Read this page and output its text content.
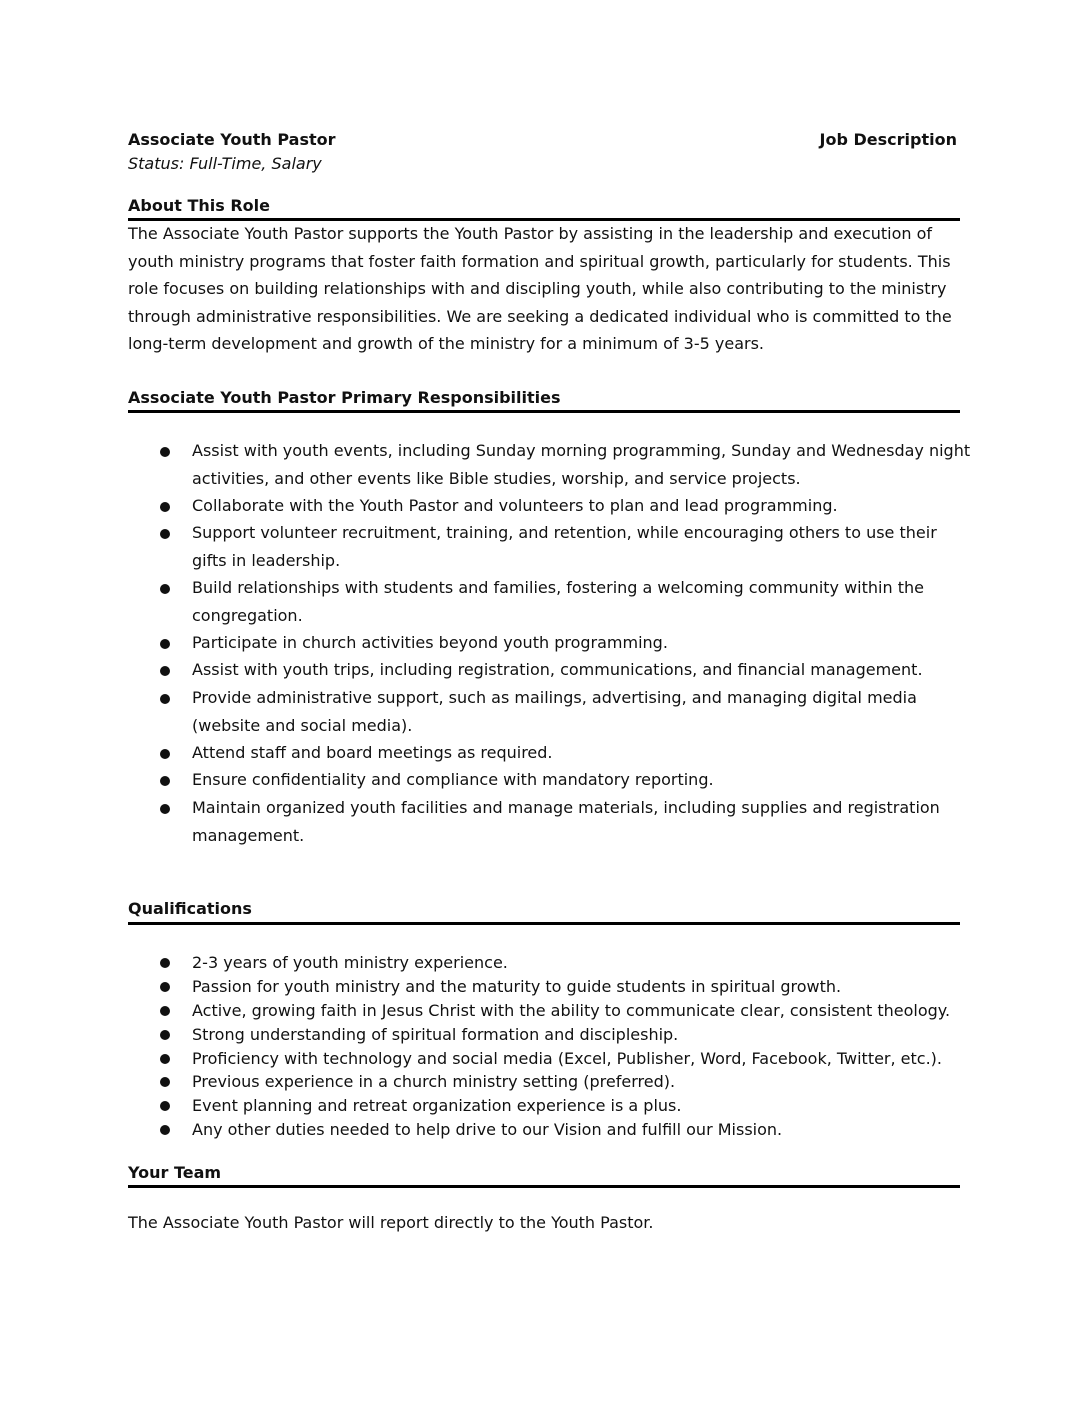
Associate Youth Pastor	Job Description
Status: Full-Time, Salary
About This Role
The Associate Youth Pastor supports the Youth Pastor by assisting in the leadership and execution of
youth ministry programs that foster faith formation and spiritual growth, particularly for students. This
role focuses on building relationships with and discipling youth, while also contributing to the ministry
through administrative responsibilities. We are seeking a dedicated individual who is committed to the
long-term development and growth of the ministry for a minimum of 3-5 years.
Associate Youth Pastor Primary Responsibilities
Assist with youth events, including Sunday morning programming, Sunday and Wednesday night
activities, and other events like Bible studies, worship, and service projects.
Collaborate with the Youth Pastor and volunteers to plan and lead programming.
Support volunteer recruitment, training, and retention, while encouraging others to use their
gifts in leadership.
Build relationships with students and families, fostering a welcoming community within the
congregation.
Participate in church activities beyond youth programming.
Assist with youth trips, including registration, communications, and financial management.
Provide administrative support, such as mailings, advertising, and managing digital media
(website and social media).
Attend staff and board meetings as required.
Ensure confidentiality and compliance with mandatory reporting.
Maintain organized youth facilities and manage materials, including supplies and registration
management.
Qualifications
2-3 years of youth ministry experience.
Passion for youth ministry and the maturity to guide students in spiritual growth.
Active, growing faith in Jesus Christ with the ability to communicate clear, consistent theology.
Strong understanding of spiritual formation and discipleship.
Proficiency with technology and social media (Excel, Publisher, Word, Facebook, Twitter, etc.).
Previous experience in a church ministry setting (preferred).
Event planning and retreat organization experience is a plus.
Any other duties needed to help drive to our Vision and fulfill our Mission.
Your Team
The Associate Youth Pastor will report directly to the Youth Pastor.
